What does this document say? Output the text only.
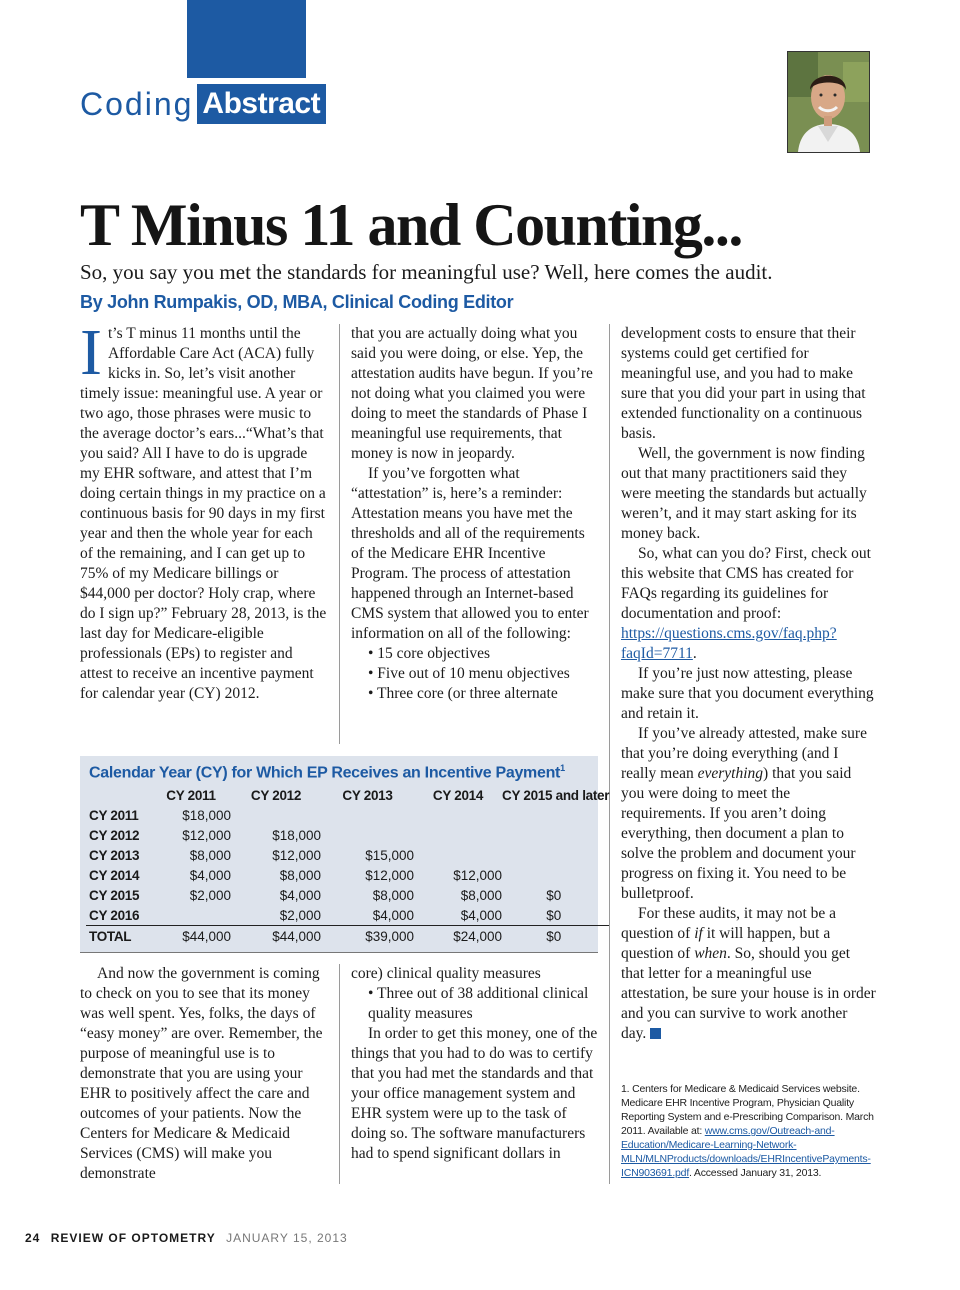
Coding Abstract
T Minus 11 and Counting...
So, you say you met the standards for meaningful use? Well, here comes the audit.
By John Rumpakis, OD, MBA, Clinical Coding Editor
I t’s T minus 11 months until the Affordable Care Act (ACA) fully kicks in. So, let’s visit another timely issue: meaningful use. A year or two ago, those phrases were music to the average doctor’s ears...“What’s that you said? All I have to do is upgrade my EHR software, and attest that I’m doing certain things in my practice on a continuous basis for 90 days in my first year and then the whole year for each of the remaining, and I can get up to 75% of my Medicare billings or $44,000 per doctor? Holy crap, where do I sign up?” February 28, 2013, is the last day for Medicare-eligible professionals (EPs) to register and attest to receive an incentive payment for calendar year (CY) 2012.

that you are actually doing what you said you were doing, or else. Yep, the attestation audits have begun. If you’re not doing what you claimed you were doing to meet the standards of Phase I meaningful use requirements, that money is now in jeopardy.

If you’ve forgotten what “attestation” is, here’s a reminder: Attestation means you have met the thresholds and all of the requirements of the Medicare EHR Incentive Program. The process of attestation happened through an Internet-based CMS system that allowed you to enter information on all of the following:

• 15 core objectives

• Five out of 10 menu objectives

• Three core (or three alternate

Calendar Year (CY) for Which EP Receives an Incentive Payment$^1$
	CY 2011	CY 2012	CY 2013	CY 2014	CY 2015 and later
CY 2011	$18,000				
CY 2012	$12,000	$18,000			
CY 2013	$8,000	$12,000	$15,000		
CY 2014	$4,000	$8,000	$12,000	$12,000	
CY 2015	$2,000	$4,000	$8,000	$8,000	$0
CY 2016		$2,000	$4,000	$4,000	$0
TOTAL	$44,000	$44,000	$39,000	$24,000	$0

And now the government is coming to check on you to see that its money was well spent. Yes, folks, the days of “easy money” are over. Remember, the purpose of meaningful use is to demonstrate that you are using your EHR to positively affect the care and outcomes of your patients. Now the Centers for Medicare & Medicaid Services (CMS) will make you demonstrate

core) clinical quality measures

• Three out of 38 additional clinical quality measures

In order to get this money, one of the things that you had to do was to certify that you had met the standards and that your office management system and EHR system were up to the task of doing so. The software manufacturers had to spend significant dollars in

development costs to ensure that their systems could get certified for meaningful use, and you had to make sure that you did your part in using that extended functionality on a continuous basis.

Well, the government is now finding out that many practitioners said they were meeting the standards but actually weren’t, and it may start asking for its money back.

So, what can you do? First, check out this website that CMS has created for FAQs regarding its guidelines for documentation and proof: https://questions.cms.gov/faq.php?faqId=7711.

If you’re just now attesting, please make sure that you document everything and retain it.

If you’ve already attested, make sure that you’re doing everything (and I really mean everything) that you said you were doing to meet the requirements. If you aren’t doing everything, then document a plan to solve the problem and document your progress on fixing it. You need to be bulletproof.

For these audits, it may not be a question of if it will happen, but a question of when. So, should you get that letter for a meaningful use attestation, be sure your house is in order and you can survive to work another day.

1. Centers for Medicare & Medicaid Services website. Medicare EHR Incentive Program, Physician Quality Reporting System and e-Prescribing Comparison. March 2011. Available at: www.cms.gov/Outreach-and-Education/Medicare-Learning-Network-MLN/MLNProducts/downloads/EHRIncentivePayments-ICN903691.pdf. Accessed January 31, 2013.
24 REVIEW OF OPTOMETRY JANUARY 15, 2013
